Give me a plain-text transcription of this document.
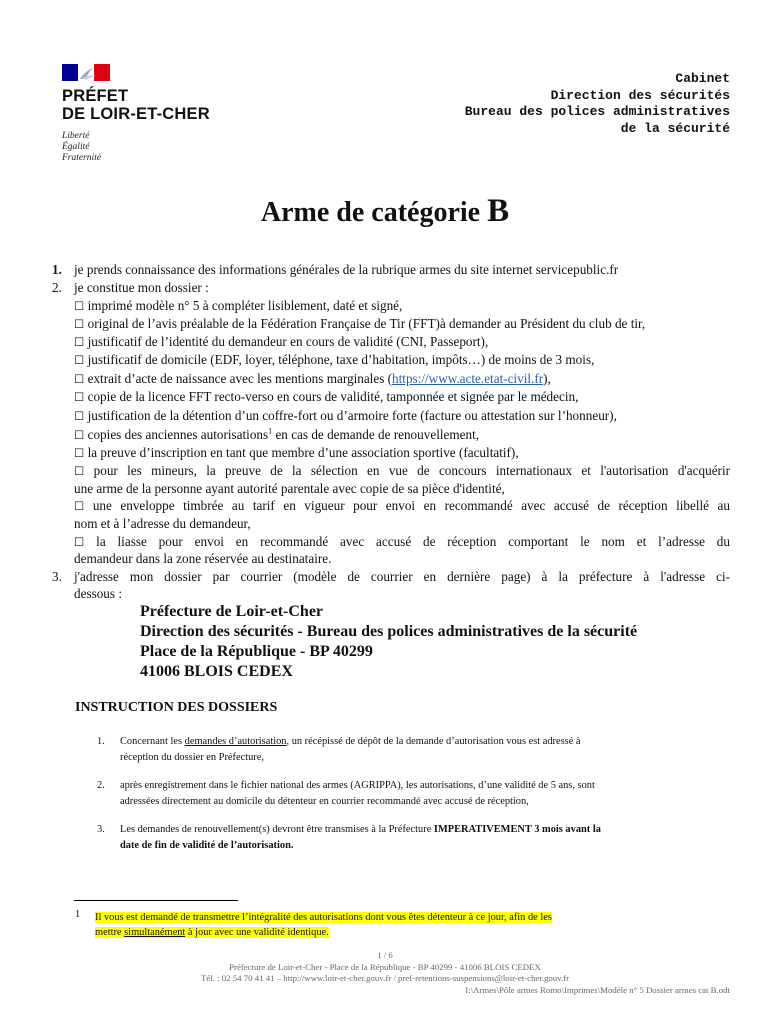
PRÉFET
DE LOIR-ET-CHER
Liberté
Égalité
Fraternité
Cabinet
Direction des sécurités
Bureau des polices administratives
de la sécurité
Arme de catégorie B
1. je prends connaissance des informations générales de la rubrique armes du site internet servicepublic.fr
2. je constitue mon dossier :
☐ imprimé modèle n° 5 à compléter lisiblement, daté et signé,
☐ original de l’avis préalable de la Fédération Française de Tir (FFT)à demander au Président du club de tir,
☐ justificatif de l’identité du demandeur en cours de validité (CNI, Passeport),
☐ justificatif de domicile (EDF, loyer, téléphone, taxe d’habitation, impôts…) de moins de 3 mois,
☐ extrait d’acte de naissance avec les mentions marginales (https://www.acte.etat-civil.fr),
☐ copie de la licence FFT recto-verso en cours de validité, tamponnée et signée par le médecin,
☐ justification de la détention d’un coffre-fort ou d’armoire forte (facture ou attestation sur l’honneur),
☐ copies des anciennes autorisations$^1$ en cas de demande de renouvellement,
☐ la preuve d’inscription en tant que membre d’une association sportive (facultatif),
☐ pour les mineurs, la preuve de la sélection en vue de concours internationaux et l'autorisation d'acquérir
une arme de la personne ayant autorité parentale avec copie de sa pièce d'identité,
☐ une enveloppe timbrée au tarif en vigueur pour envoi en recommandé avec accusé de réception libellé au
nom et à l’adresse du demandeur,
☐ la liasse pour envoi en recommandé avec accusé de réception comportant le nom et l’adresse du
demandeur dans la zone réservée au destinataire.
3. j'adresse mon dossier par courrier (modèle de courrier en dernière page) à la préfecture à l'adresse ci-
dessous :
Préfecture de Loir-et-Cher
Direction des sécurités - Bureau des polices administratives de la sécurité
Place de la République - BP 40299
41006 BLOIS CEDEX
INSTRUCTION DES DOSSIERS
1. Concernant les demandes d’autorisation, un récépissé de dépôt de la demande d’autorisation vous est adressé à
réception du dossier en Préfecture,
2. après enregistrement dans le fichier national des armes (AGRIPPA), les autorisations, d’une validité de 5 ans, sont
adressées directement au domicile du détenteur en courrier recommandé avec accusé de réception,
3. Les demandes de renouvellement(s) devront être transmises à la Préfecture IMPERATIVEMENT 3 mois avant la
date de fin de validité de l’autorisation.
1 Il vous est demandé de transmettre l’intégralité des autorisations dont vous êtes détenteur à ce jour, afin de les
mettre simultanément à jour avec une validité identique.
1 / 6
Préfecture de Loir-et-Cher - Place de la République - BP 40299 - 41006 BLOIS CEDEX
Tél. : 02 54 70 41 41 – http://www.loir-et-cher.gouv.fr / pref-retentions-suspensions@loir-et-cher.gouv.fr
I:\Armes\Pôle armes Romo\Imprimes\Modèle n° 5 Dossier armes cat B.odt
